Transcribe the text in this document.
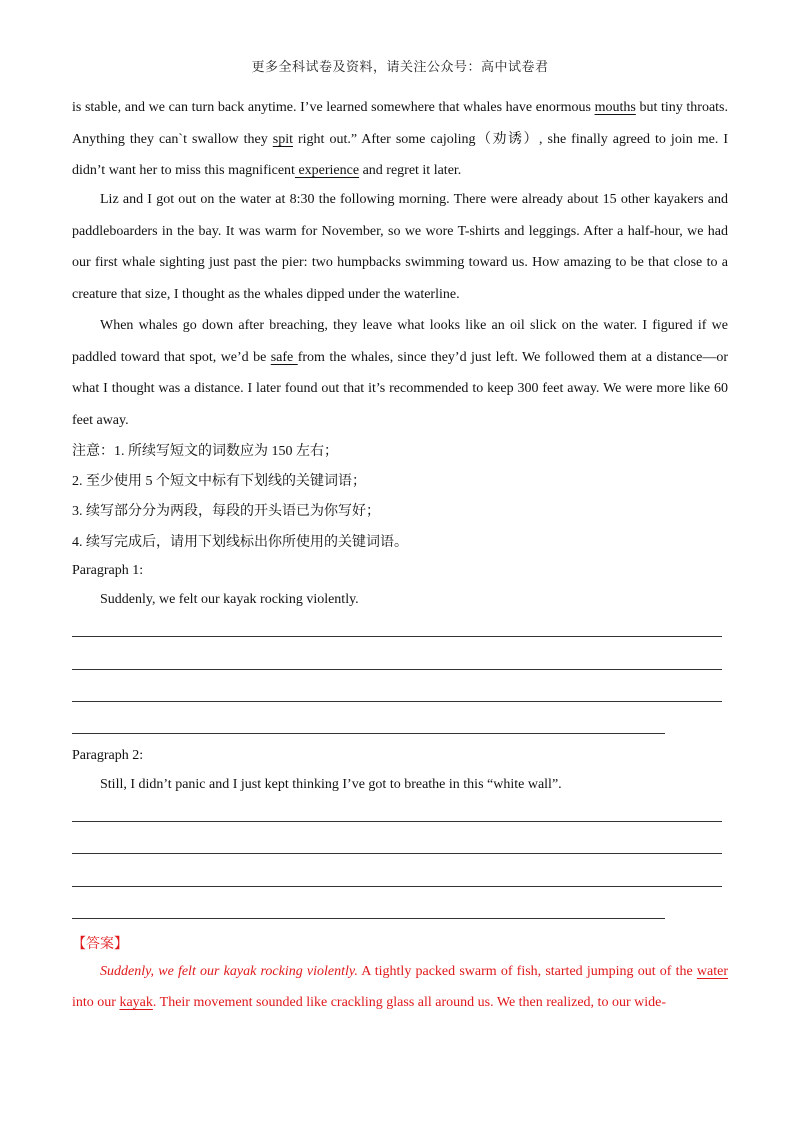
更多全科试卷及资料，请关注公众号：高中试卷君
is stable, and we can turn back anytime. I’ve learned somewhere that whales have enormous mouths but tiny throats. Anything they can`t swallow they spit right out.” After some cajoling（劝诱）, she finally agreed to join me. I didn’t want her to miss this magnificent experience and regret it later.
Liz and I got out on the water at 8:30 the following morning. There were already about 15 other kayakers and paddleboarders in the bay. It was warm for November, so we wore T-shirts and leggings. After a half-hour, we had our first whale sighting just past the pier: two humpbacks swimming toward us. How amazing to be that close to a creature that size, I thought as the whales dipped under the waterline.
When whales go down after breaching, they leave what looks like an oil slick on the water. I figured if we paddled toward that spot, we’d be safe from the whales, since they’d just left. We followed them at a distance—or what I thought was a distance. I later found out that it’s recommended to keep 300 feet away. We were more like 60 feet away.
注意：1. 所续写短文的词数应为 150 左右；
2. 至少使用 5 个短文中标有下划线的关键词语；
3. 续写部分分为两段，每段的开头语已为你写好；
4. 续写完成后，请用下划线标出你所使用的关键词语。
Paragraph 1:
Suddenly, we felt our kayak rocking violently.
Paragraph 2:
Still, I didn’t panic and I just kept thinking I’ve got to breathe in this “white wall”.
【答案】
Suddenly, we felt our kayak rocking violently. A tightly packed swarm of fish, started jumping out of the water into our kayak. Their movement sounded like crackling glass all around us. We then realized, to our wide-
